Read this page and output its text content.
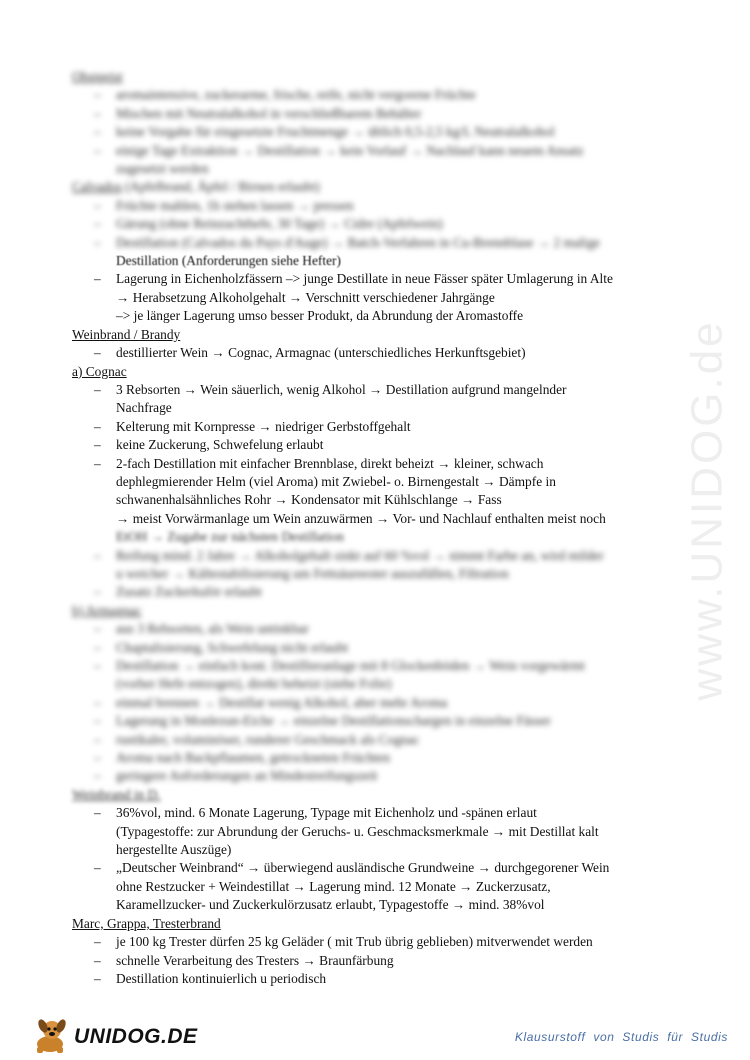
www.UNIDOG.de
Obstgeist
– aromaintensive, zuckerarme, frische, reife, nicht vergorene Früchte
– Mischen mit Neutralalkohol in verschließbarem Behälter
– keine Vorgabe für eingesetzte Fruchtmenge → üblich 0,5-2,5 kg/L Neutralalkohol
– einige Tage Extraktion → Destillation → kein Vorlauf → Nachlauf kann neuem Ansatz
zugesetzt werden
Calvados (Apfelbrand, Äpfel / Birnen erlaubt)
– Früchte mahlen, 1h stehen lassen → pressen
– Gärung (ohne Reinzuchthefe, 30 Tage) → Cidre (Apfelwein)
– Destillation (Calvados du Pays d'Auge) → Batch-Verfahren in Cu-Brennblase → 2 malige
Destillation (Anforderungen siehe Hefter)
– Lagerung in Eichenholzfässern –> junge Destillate in neue Fässer später Umlagerung in Alte
→ Herabsetzung Alkoholgehalt → Verschnitt verschiedener Jahrgänge
–> je länger Lagerung umso besser Produkt, da Abrundung der Aromastoffe
Weinbrand / Brandy
– destillierter Wein → Cognac, Armagnac (unterschiedliches Herkunftsgebiet)
a) Cognac
– 3 Rebsorten → Wein säuerlich, wenig Alkohol → Destillation aufgrund mangelnder
Nachfrage
– Kelterung mit Kornpresse → niedriger Gerbstoffgehalt
– keine Zuckerung, Schwefelung erlaubt
– 2-fach Destillation mit einfacher Brennblase, direkt beheizt → kleiner, schwach
dephlegmierender Helm (viel Aroma) mit Zwiebel- o. Birnengestalt → Dämpfe in
schwanenhalsähnliches Rohr → Kondensator mit Kühlschlange → Fass
→ meist Vorwärmanlage um Wein anzuwärmen → Vor- und Nachlauf enthalten meist noch
EtOH → Zugabe zur nächsten Destillation
– Reifung mind. 2 Jahre → Alkoholgehalt sinkt auf 60 %vol → nimmt Farbe an, wird milder
u weicher → Kältestabilisierung um Fettsäureester auszufällen, Filtration
– Zusatz Zuckerkulör erlaubt
b) Armagnac
– aus 3 Rebsorten, als Wein untinkbar
– Chaptalisierung, Schwefelung nicht erlaubt
– Destillation → einfach kont. Destillieranlage mit 8 Glockenböden → Wein vorgewärmt
(vorher Hefe entzogen), direkt beheizt (siehe Folie)
– einmal brennen → Destillat wenig Alkohol, aber mehr Aroma
– Lagerung in Monlezun-Eiche → einzelne Destillationschargen in einzelne Fässer
– rustikaler, voluminöser, runderer Geschmack als Cognac
– Aroma nach Backpflaumen, getrockneten Früchten
– geringere Anforderungen an Mindestreifungszeit
Weinbrand in D.
– 36%vol, mind. 6 Monate Lagerung, Typage mit Eichenholz und -spänen erlaut
(Typagestoffe: zur Abrundung der Geruchs- u. Geschmacksmerkmale → mit Destillat kalt
hergestellte Auszüge)
– „Deutscher Weinbrand“ → überwiegend ausländische Grundweine → durchgegorener Wein
ohne Restzucker + Weindestillat → Lagerung mind. 12 Monate → Zuckerzusatz,
Karamellzucker- und Zuckerkulörzusatz erlaubt, Typagestoffe → mind. 38%vol
Marc, Grappa, Tresterbrand
– je 100 kg Trester dürfen 25 kg Geläder ( mit Trub übrig geblieben) mitverwendet werden
– schnelle Verarbeitung des Tresters → Braunfärbung
– Destillation kontinuierlich u periodisch
UNIDOG.DE	Klausurstoff von Studis für Studis
